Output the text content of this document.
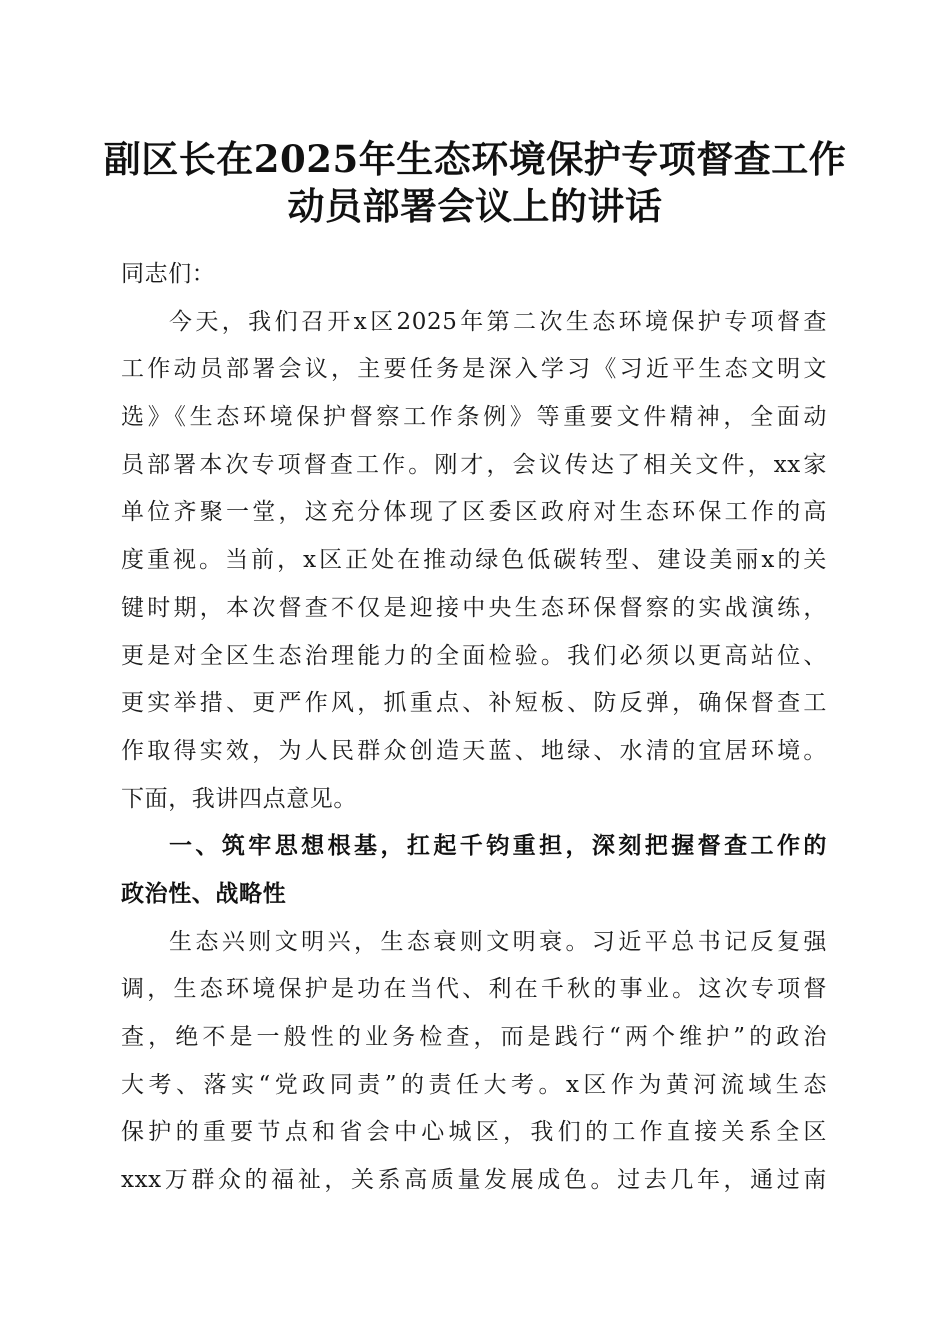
副区长在2025年生态环境保护专项督查工作
动员部署会议上的讲话
同志们：
今天，我们召开x区2025年第二次生态环境保护专项督查
工作动员部署会议，主要任务是深入学习《习近平生态文明文
选》《生态环境保护督察工作条例》等重要文件精神，全面动
员部署本次专项督查工作。刚才，会议传达了相关文件，xx家
单位齐聚一堂，这充分体现了区委区政府对生态环保工作的高
度重视。当前，x区正处在推动绿色低碳转型、建设美丽x的关
键时期，本次督查不仅是迎接中央生态环保督察的实战演练，
更是对全区生态治理能力的全面检验。我们必须以更高站位、
更实举措、更严作风，抓重点、补短板、防反弹，确保督查工
作取得实效，为人民群众创造天蓝、地绿、水清的宜居环境。
下面，我讲四点意见。
一、筑牢思想根基，扛起千钧重担，深刻把握督查工作的
政治性、战略性
生态兴则文明兴，生态衰则文明衰。习近平总书记反复强
调，生态环境保护是功在当代、利在千秋的事业。这次专项督
查，绝不是一般性的业务检查，而是践行“两个维护”的政治
大考、落实“党政同责”的责任大考。x区作为黄河流域生态
保护的重要节点和省会中心城区，我们的工作直接关系全区
xxx万群众的福祉，关系高质量发展成色。过去几年，通过南
